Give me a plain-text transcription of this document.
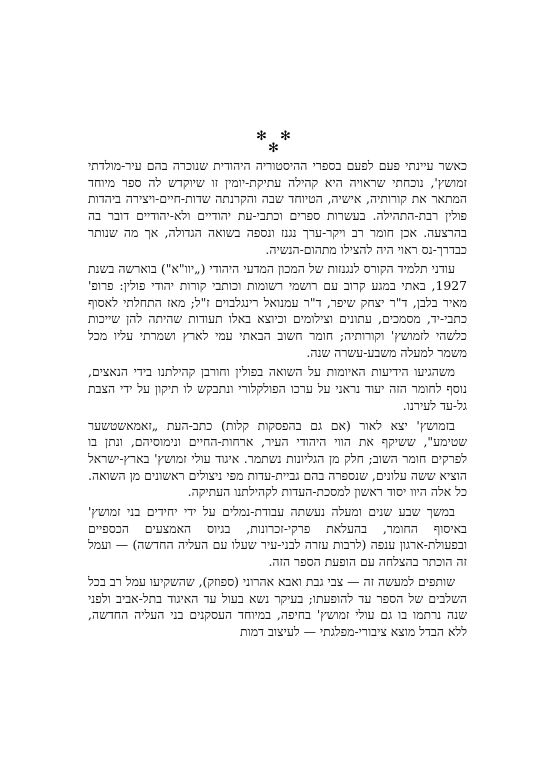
✻ ✻
✻

כאשר עיינתי פעם לפעם בספרי ההיסטוריה היהודית שנוכרה בהם עיר-מולדתי זמושץ', נוכחתי שראויה היא קהילה עתיקת-יומין זו שיוקדש לה ספר מיוחד המתאר את קורותיה, אישיה, הטיוחד שבה והקרנתה שדות-חיים-ויצירה ביהדות פולין רבת-התהילה. בעשרות ספרים וכתבי-עת יהודיים ולא-יהודיים דובר בה בהרצעה. אכן חומר רב ויקר-ערך נגנז ונספה בשואה הגדולה, אך מה שנותר כבדרך-נס ראוי היה להצילו מתהום-הנשיה.

עודני תלמיד הקורס לנגנזות של המכון המדעי היהודי („יוו"א") בוארשה בשנת 1927, באתי במגע קרוב עם רושמי רשומות וכותבי קורות יהודי פולין: פרופ' מאיר בלבן, ד"ר יצחק שיפר, ד"ר עמנואל רינגלבוים ז"ל; מאז התחלתי לאסוף כתבי-יד, מסמכים, עתונים וצילומים וכיוצא באלו תעודות שהיתה להן שייכות כלשהי לזמושץ' וקורותיה; חומר חשוב הבאתי עמי לארץ ושמרתי עליו מכל משמר למעלה משבע-עשרה שנה.

משהגיעו הידיעות האיומות על השואה בפולין וחורבן קהילתנו בידי הנאצים, נוסף לחומר הזה יעוד נראני על ערכו הפולקלורי ונתבקש לו תיקון על ידי הצבת גל-עד לעירנו.

בזמושץ' יצא לאור (אם גם בהפסקות קלות) כתב-העת „זאמאשטשער שטימע", ששיקף את הווי היהודי העיר, ארחות-החיים ונימוסיהם, ונתן בו לפרקים חומר השוב; חלק מן הגליונות נשתמר. איגוד עולי זמושץ' בארץ-ישראל הוציא ששה עלונים, שנספרה בהם גביית-עדות מפי ניצולים ראשונים מן השואה. כל אלה היוו יסוד ראשון למסכת-העדות לקהילתנו העתיקה.

במשך שבע שנים ומעלה נעשתה עבודת-נמלים על ידי יחידים בני זמושץ' באיסוף החומר, בהעלאת פרקי-זכרונות, בגיוס האמצעים הכספיים ובפעולת-ארגון ענפה (לרבות עזרה לבני-עיר שעלו עם העליה החדשה) — ועמל זה הוכתר בהצלחה עם הופעת הספר הזה.

שותפים למעשה זה — צבי גבת ואבא אהרוני (ספוזק), שהשקיעו עמל רב בכל השלבים של הספר עד להופעתו; בעיקר נשא בעול עד האיגוד בתל-אביב ולפני שנה נרתמו בו גם עולי זמושץ' בחיפה, במיוחד העסקנים בני העליה החדשה, ללא הבדל מוצא ציבורי-מפלגתי — לעיצוב דמות
